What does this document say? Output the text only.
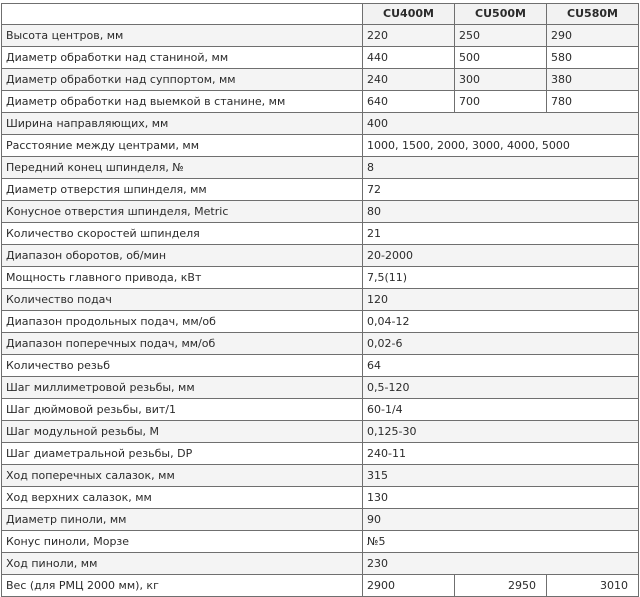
	CU400M	CU500M	CU580M
Высота центров, мм	220	250	290
Диаметр обработки над станиной, мм	440	500	580
Диаметр обработки над суппортом, мм	240	300	380
Диаметр обработки над выемкой в станине, мм	640	700	780
Ширина направляющих, мм	400		
Расстояние между центрами, мм	1000, 1500, 2000, 3000, 4000, 5000		
Передний конец шпинделя, №	8		
Диаметр отверстия шпинделя, мм	72		
Конусное отверстия шпинделя, Metric	80		
Количество скоростей шпинделя	21		
Диапазон оборотов, об/мин	20-2000		
Мощность главного привода, кВт	7,5(11)		
Количество подач	120		
Диапазон продольных подач, мм/об	0,04-12		
Диапазон поперечных подач, мм/об	0,02-6		
Количество резьб	64		
Шаг миллиметровой резьбы, мм	0,5-120		
Шаг дюймовой резьбы, вит/1	60-1/4		
Шаг модульной резьбы, М	0,125-30		
Шаг диаметральной резьбы, DP	240-11		
Ход поперечных салазок, мм	315		
Ход верхних салазок, мм	130		
Диаметр пиноли, мм	90		
Конус пиноли, Морзе	№5		
Ход пиноли, мм	230		
Вес (для РМЦ 2000 мм), кг	2900	2950	3010
